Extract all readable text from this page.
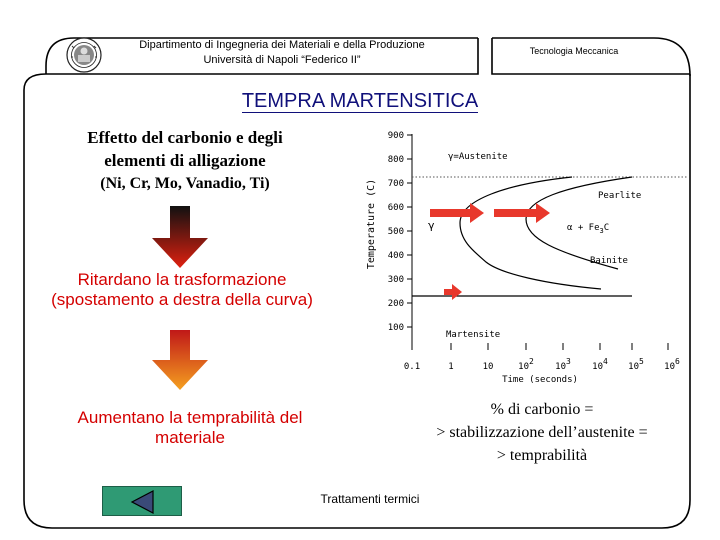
Dipartimento di Ingegneria dei Materiali e della Produzione
Università di Napoli “Federico II”
Tecnologia Meccanica
TEMPRA MARTENSITICA
Effetto del carbonio e degli
elementi di alligazione
(Ni, Cr, Mo, Vanadio, Ti)
Ritardano la trasformazione
(spostamento a destra della curva)
Aumentano la temprabilità del
materiale
900
800
700
600
500
400
300
200
100
Temperature (C)
0.1	1	10	102
103
104
105
106
Time (seconds)
γ=Austenite
Pearlite
γ	$\alpha + Fe_3C$
Bainite
Martensite
% di carbonio =
> stabilizzazione dell’austenite =
> temprabilità
Trattamenti termici
